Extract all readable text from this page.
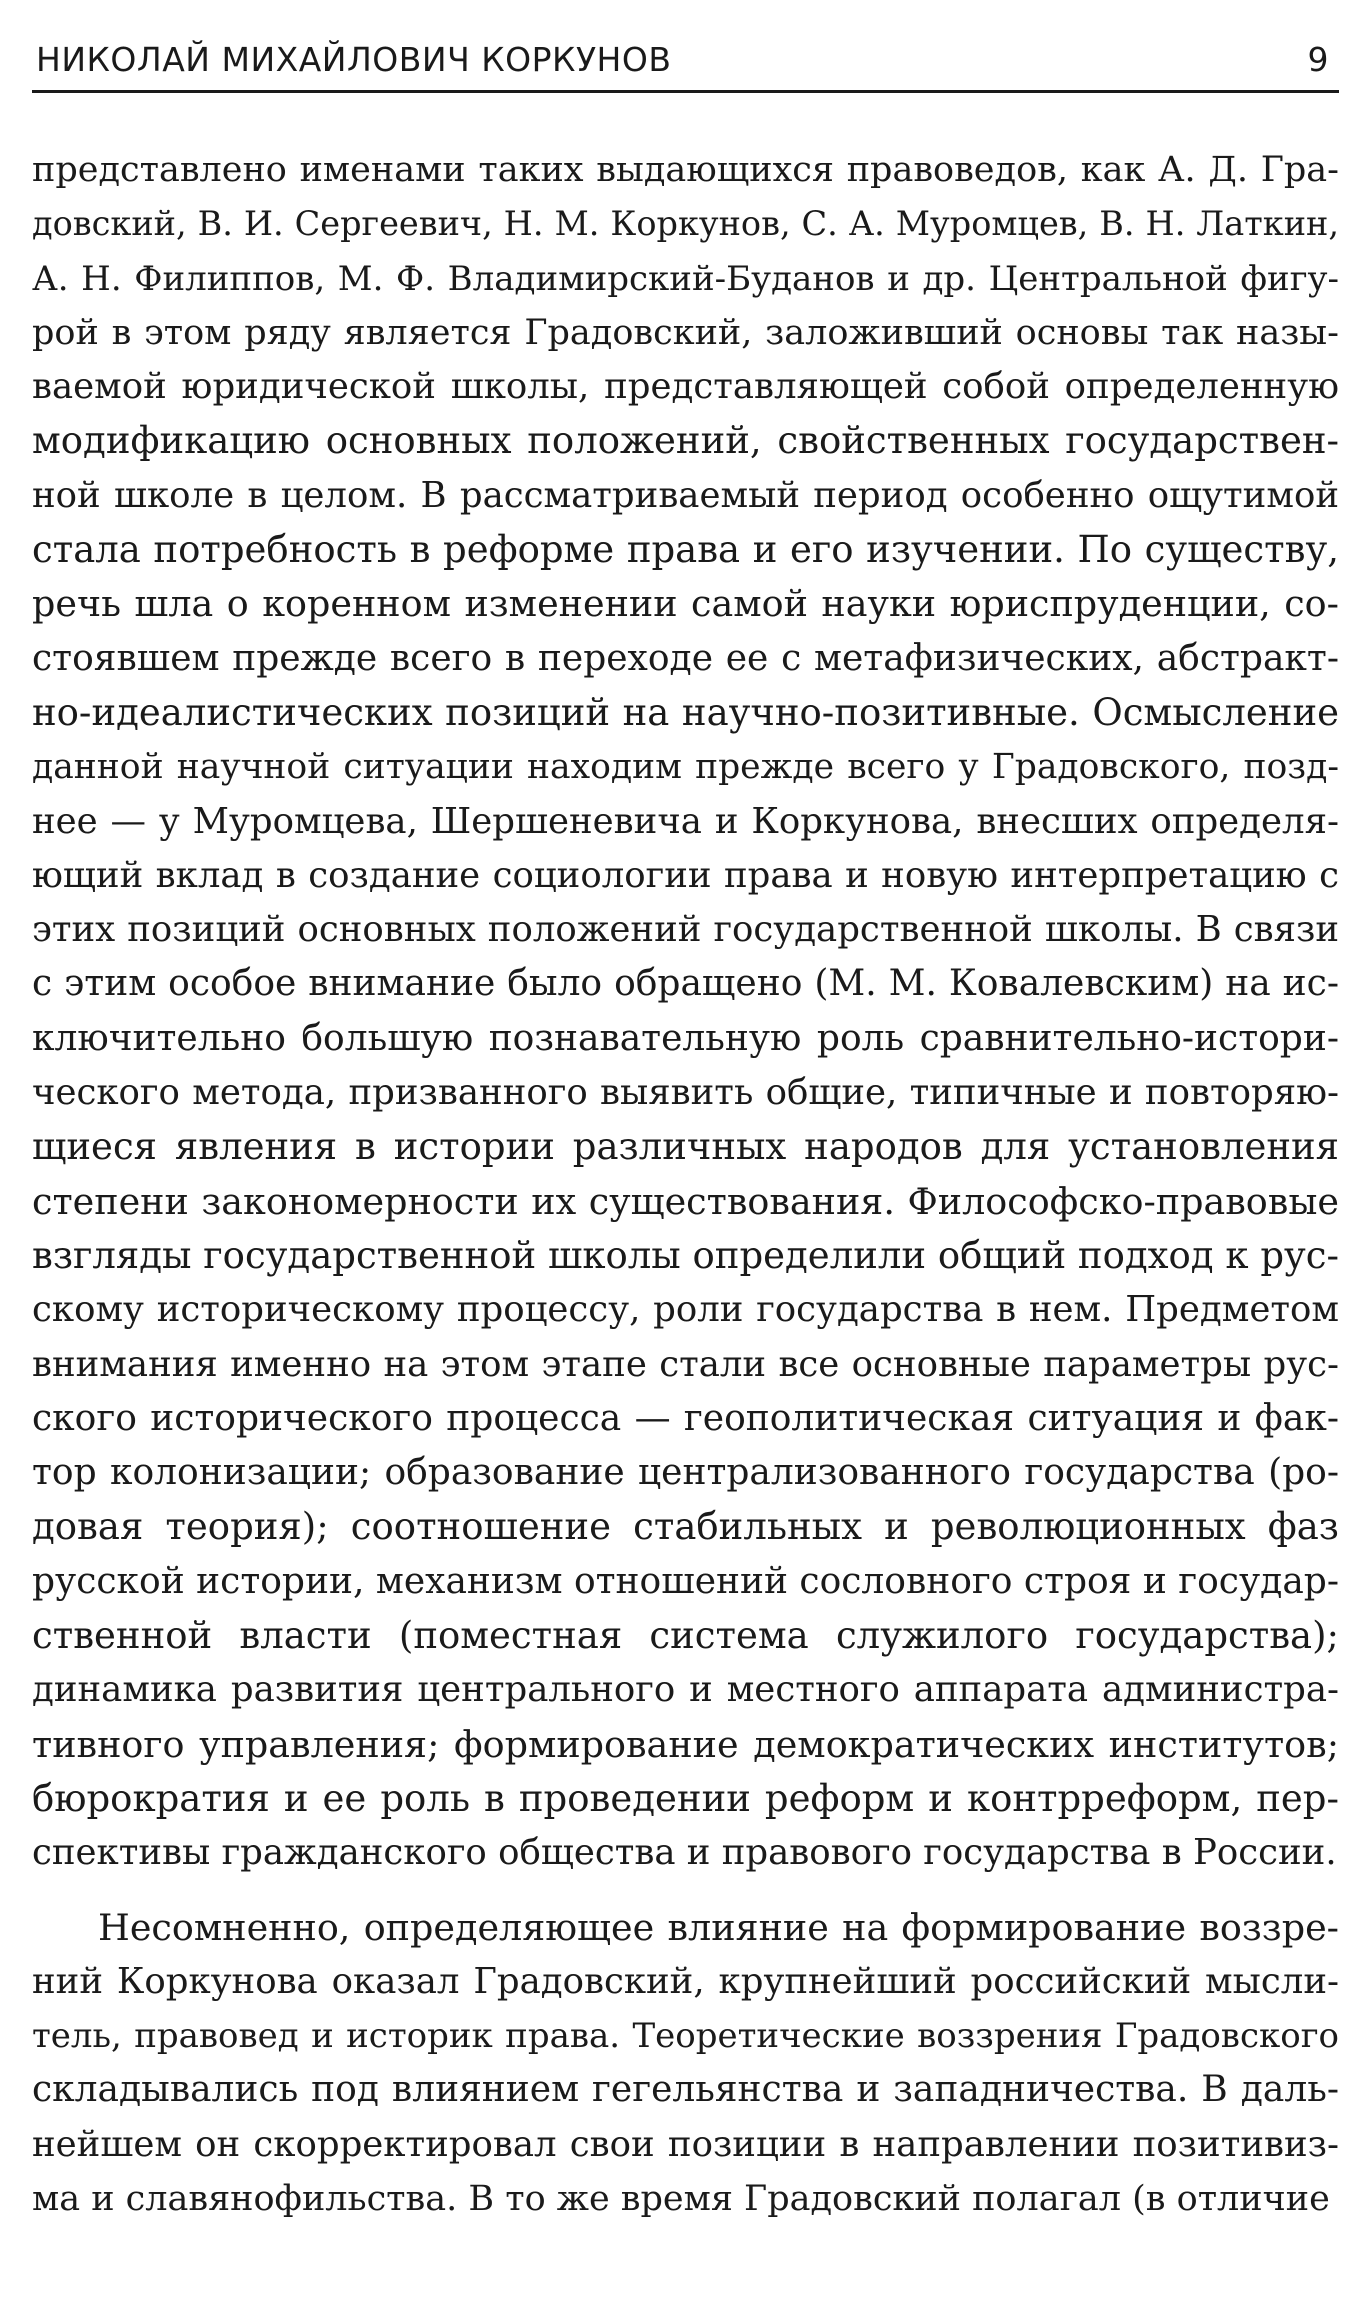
НИКОЛАЙ МИХАЙЛОВИЧ КОРКУНОВ	9
представлено именами таких выдающихся правоведов, как А. Д. Гра-
довский, В. И. Сергеевич, Н. М. Коркунов, С. А. Муромцев, В. Н. Латкин,
А. Н. Филиппов, М. Ф. Владимирский-Буданов и др. Центральной фигу-
рой в этом ряду является Градовский, заложивший основы так назы-
ваемой юридической школы, представляющей собой определенную
модификацию основных положений, свойственных государствен-
ной школе в целом. В рассматриваемый период особенно ощутимой
стала потребность в реформе права и его изучении. По существу,
речь шла о коренном изменении самой науки юриспруденции, со-
стоявшем прежде всего в переходе ее с метафизических, абстракт-
но-идеалистических позиций на научно-позитивные. Осмысление
данной научной ситуации находим прежде всего у Градовского, позд-
нее — у Муромцева, Шершеневича и Коркунова, внесших определя-
ющий вклад в создание социологии права и новую интерпретацию с
этих позиций основных положений государственной школы. В связи
с этим особое внимание было обращено (М. М. Ковалевским) на ис-
ключительно большую познавательную роль сравнительно-истори-
ческого метода, призванного выявить общие, типичные и повторяю-
щиеся явления в истории различных народов для установления
степени закономерности их существования. Философско-правовые
взгляды государственной школы определили общий подход к рус-
скому историческому процессу, роли государства в нем. Предметом
внимания именно на этом этапе стали все основные параметры рус-
ского исторического процесса — геополитическая ситуация и фак-
тор колонизации; образование централизованного государства (ро-
довая теория); соотношение стабильных и революционных фаз
русской истории, механизм отношений сословного строя и государ-
ственной власти (поместная система служилого государства);
динамика развития центрального и местного аппарата администра-
тивного управления; формирование демократических институтов;
бюрократия и ее роль в проведении реформ и контрреформ, пер-
спективы гражданского общества и правового государства в России.
Несомненно, определяющее влияние на формирование воззре-
ний Коркунова оказал Градовский, крупнейший российский мысли-
тель, правовед и историк права. Теоретические воззрения Градовского
складывались под влиянием гегельянства и западничества. В даль-
нейшем он скорректировал свои позиции в направлении позитивиз-
ма и славянофильства. В то же время Градовский полагал (в отличие
